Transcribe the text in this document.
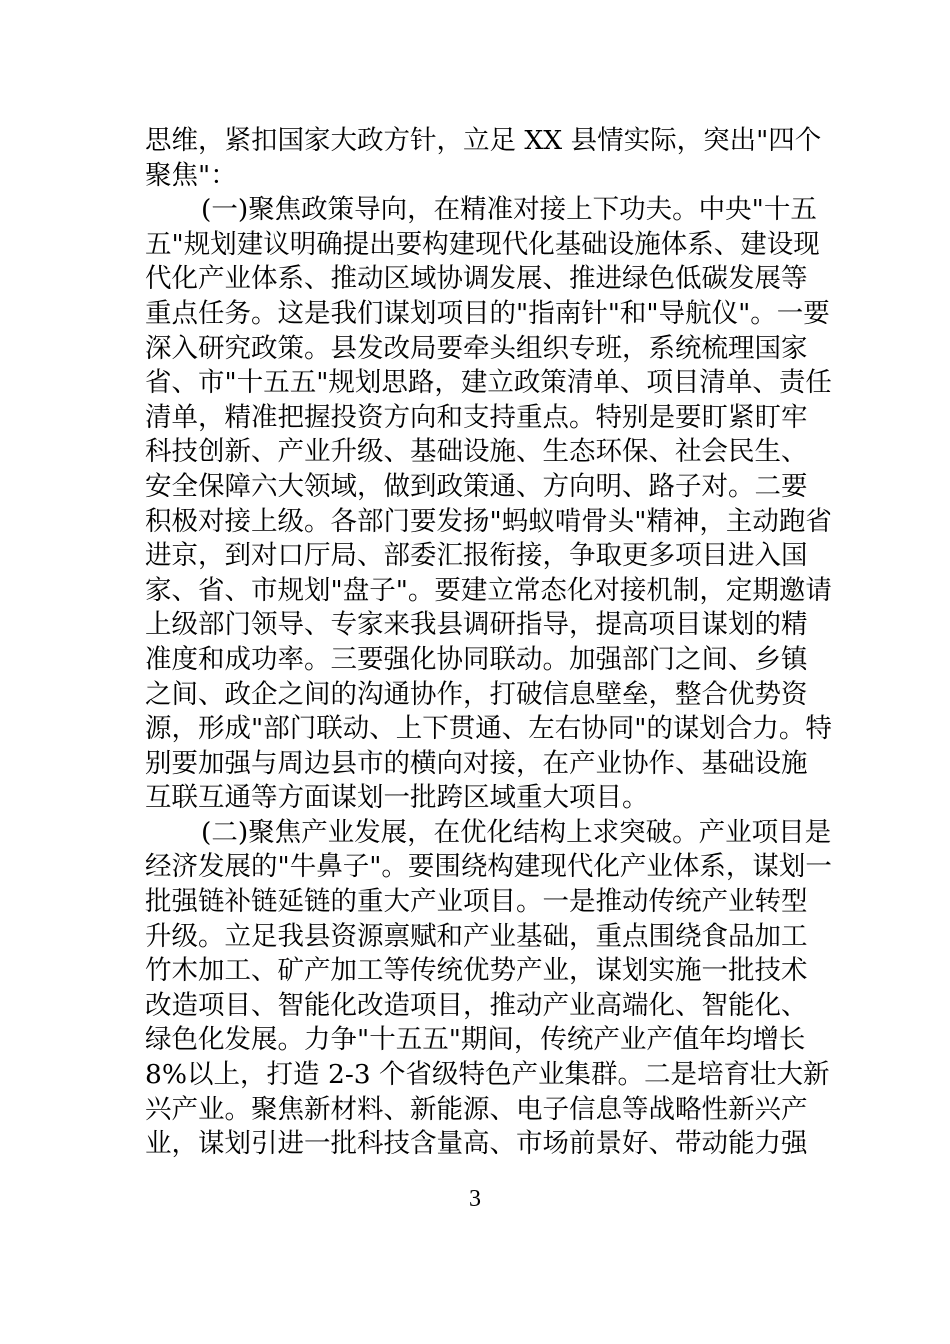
思维，紧扣国家大政方针，立足 XX 县情实际，突出"四个
聚焦"：
(一)聚焦政策导向，在精准对接上下功夫。中央"十五
五"规划建议明确提出要构建现代化基础设施体系、建设现
代化产业体系、推动区域协调发展、推进绿色低碳发展等
重点任务。这是我们谋划项目的"指南针"和"导航仪"。一要
深入研究政策。县发改局要牵头组织专班，系统梳理国家
省、市"十五五"规划思路，建立政策清单、项目清单、责任
清单，精准把握投资方向和支持重点。特别是要盯紧盯牢
科技创新、产业升级、基础设施、生态环保、社会民生、
安全保障六大领域，做到政策通、方向明、路子对。二要
积极对接上级。各部门要发扬"蚂蚁啃骨头"精神，主动跑省
进京，到对口厅局、部委汇报衔接，争取更多项目进入国
家、省、市规划"盘子"。要建立常态化对接机制，定期邀请
上级部门领导、专家来我县调研指导，提高项目谋划的精
准度和成功率。三要强化协同联动。加强部门之间、乡镇
之间、政企之间的沟通协作，打破信息壁垒，整合优势资
源，形成"部门联动、上下贯通、左右协同"的谋划合力。特
别要加强与周边县市的横向对接，在产业协作、基础设施
互联互通等方面谋划一批跨区域重大项目。
(二)聚焦产业发展，在优化结构上求突破。产业项目是
经济发展的"牛鼻子"。要围绕构建现代化产业体系，谋划一
批强链补链延链的重大产业项目。一是推动传统产业转型
升级。立足我县资源禀赋和产业基础，重点围绕食品加工
竹木加工、矿产加工等传统优势产业，谋划实施一批技术
改造项目、智能化改造项目，推动产业高端化、智能化、
绿色化发展。力争"十五五"期间，传统产业产值年均增长
8%以上，打造 2-3 个省级特色产业集群。二是培育壮大新
兴产业。聚焦新材料、新能源、电子信息等战略性新兴产
业，谋划引进一批科技含量高、市场前景好、带动能力强
3
